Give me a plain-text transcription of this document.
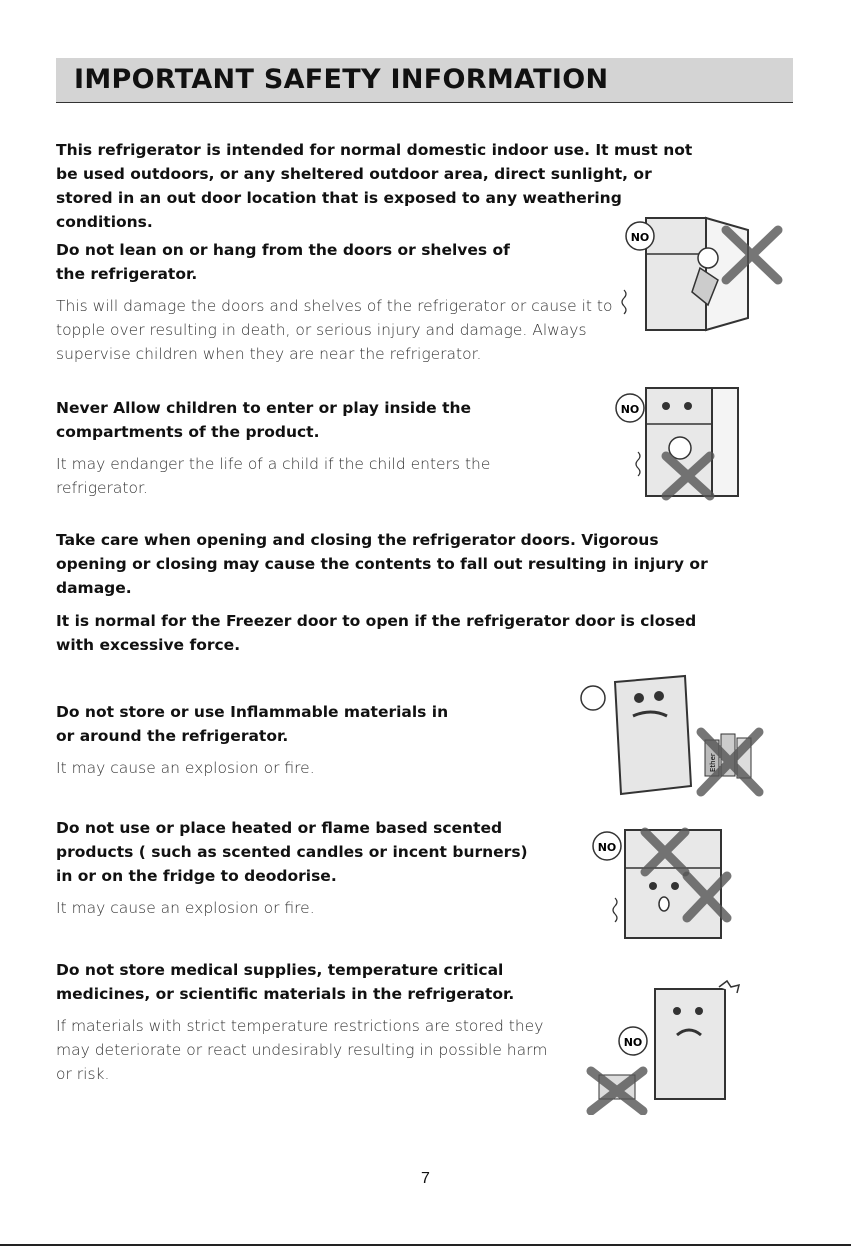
IMPORTANT SAFETY INFORMATION
This refrigerator is intended for normal domestic indoor use. It must not be used outdoors, or any sheltered outdoor area, direct sunlight, or stored in an out door location that is exposed to any weathering conditions.
Do not lean on or hang from the doors or shelves of the refrigerator.
This will damage the doors and shelves of the refrigerator or cause it to topple over resulting in death, or serious injury and damage. Always supervise children when they are near the refrigerator.
NO
Never Allow children to enter or play inside the compartments of the product.
It may endanger the life of a child if the child enters the refrigerator.
NO
Take care when opening and closing the refrigerator doors. Vigorous opening or closing may cause the contents to fall out resulting in injury or damage.
It is normal for the Freezer door to open if the refrigerator door is closed with excessive force.
Do not store or use Inflammable materials in or around the refrigerator.
It may cause an explosion or fire.	Ether
Do not use or place heated or flame based scented products ( such as scented candles or incent burners) in or on the fridge to deodorise.
It may cause an explosion or fire.
NO
Do not store medical supplies, temperature critical medicines, or scientific materials in the refrigerator.
If materials with strict temperature restrictions are stored they may deteriorate or react undesirably resulting in possible harm or risk.
NO
7
